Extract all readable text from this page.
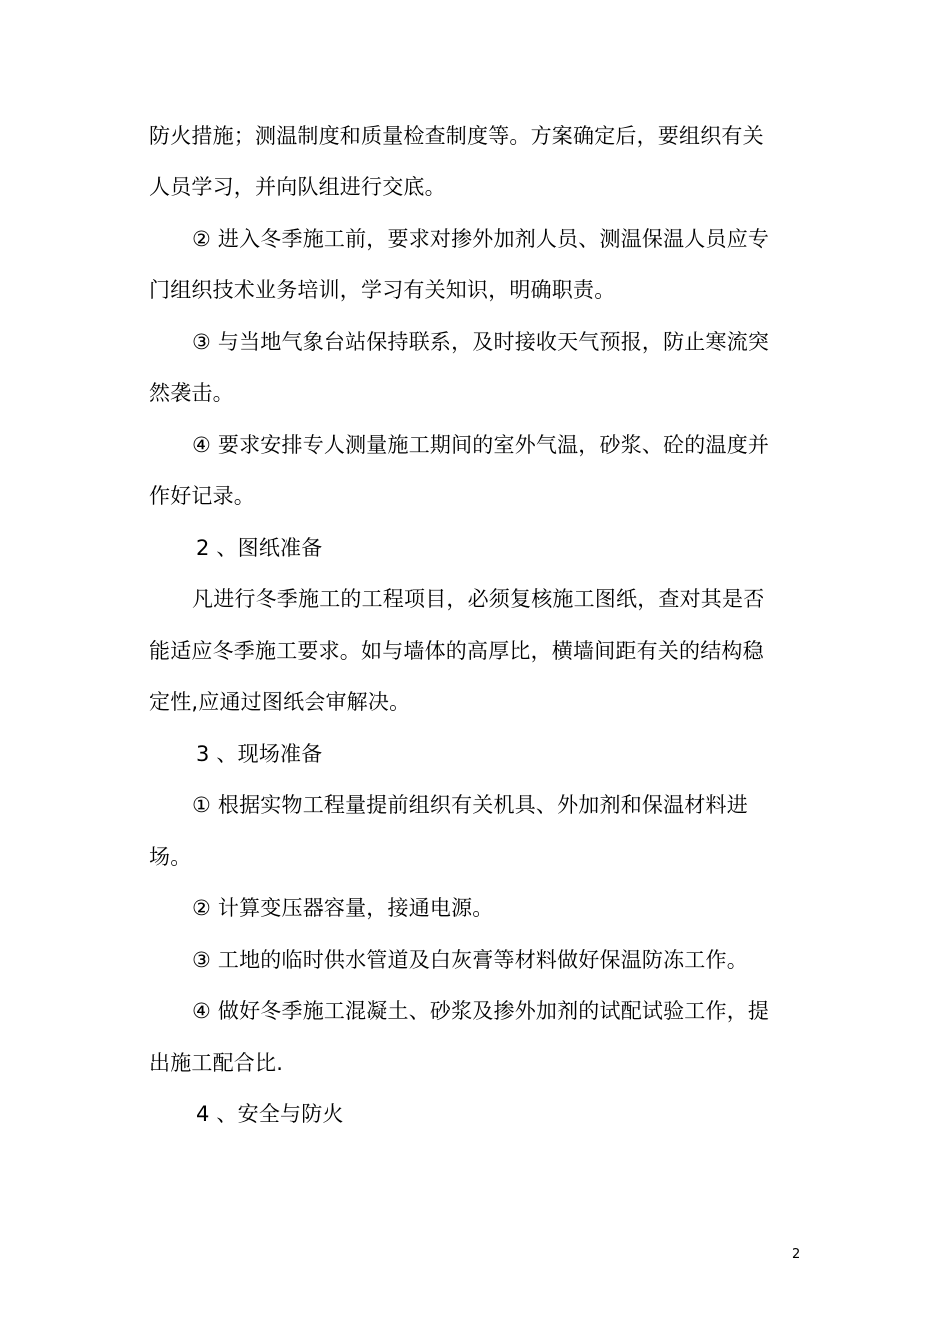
防火措施；测温制度和质量检查制度等。方案确定后，要组织有关
人员学习，并向队组进行交底。
② 进入冬季施工前，要求对掺外加剂人员、测温保温人员应专
门组织技术业务培训，学习有关知识，明确职责。
③ 与当地气象台站保持联系，及时接收天气预报，防止寒流突
然袭击。
④ 要求安排专人测量施工期间的室外气温，砂浆、砼的温度并
作好记录。
2 、图纸准备
凡进行冬季施工的工程项目，必须复核施工图纸，查对其是否
能适应冬季施工要求。如与墙体的高厚比，横墙间距有关的结构稳
定性,应通过图纸会审解决。
3 、现场准备
① 根据实物工程量提前组织有关机具、外加剂和保温材料进
场。
② 计算变压器容量，接通电源。
③ 工地的临时供水管道及白灰膏等材料做好保温防冻工作。
④ 做好冬季施工混凝土、砂浆及掺外加剂的试配试验工作，提
出施工配合比.
4 、安全与防火
2
